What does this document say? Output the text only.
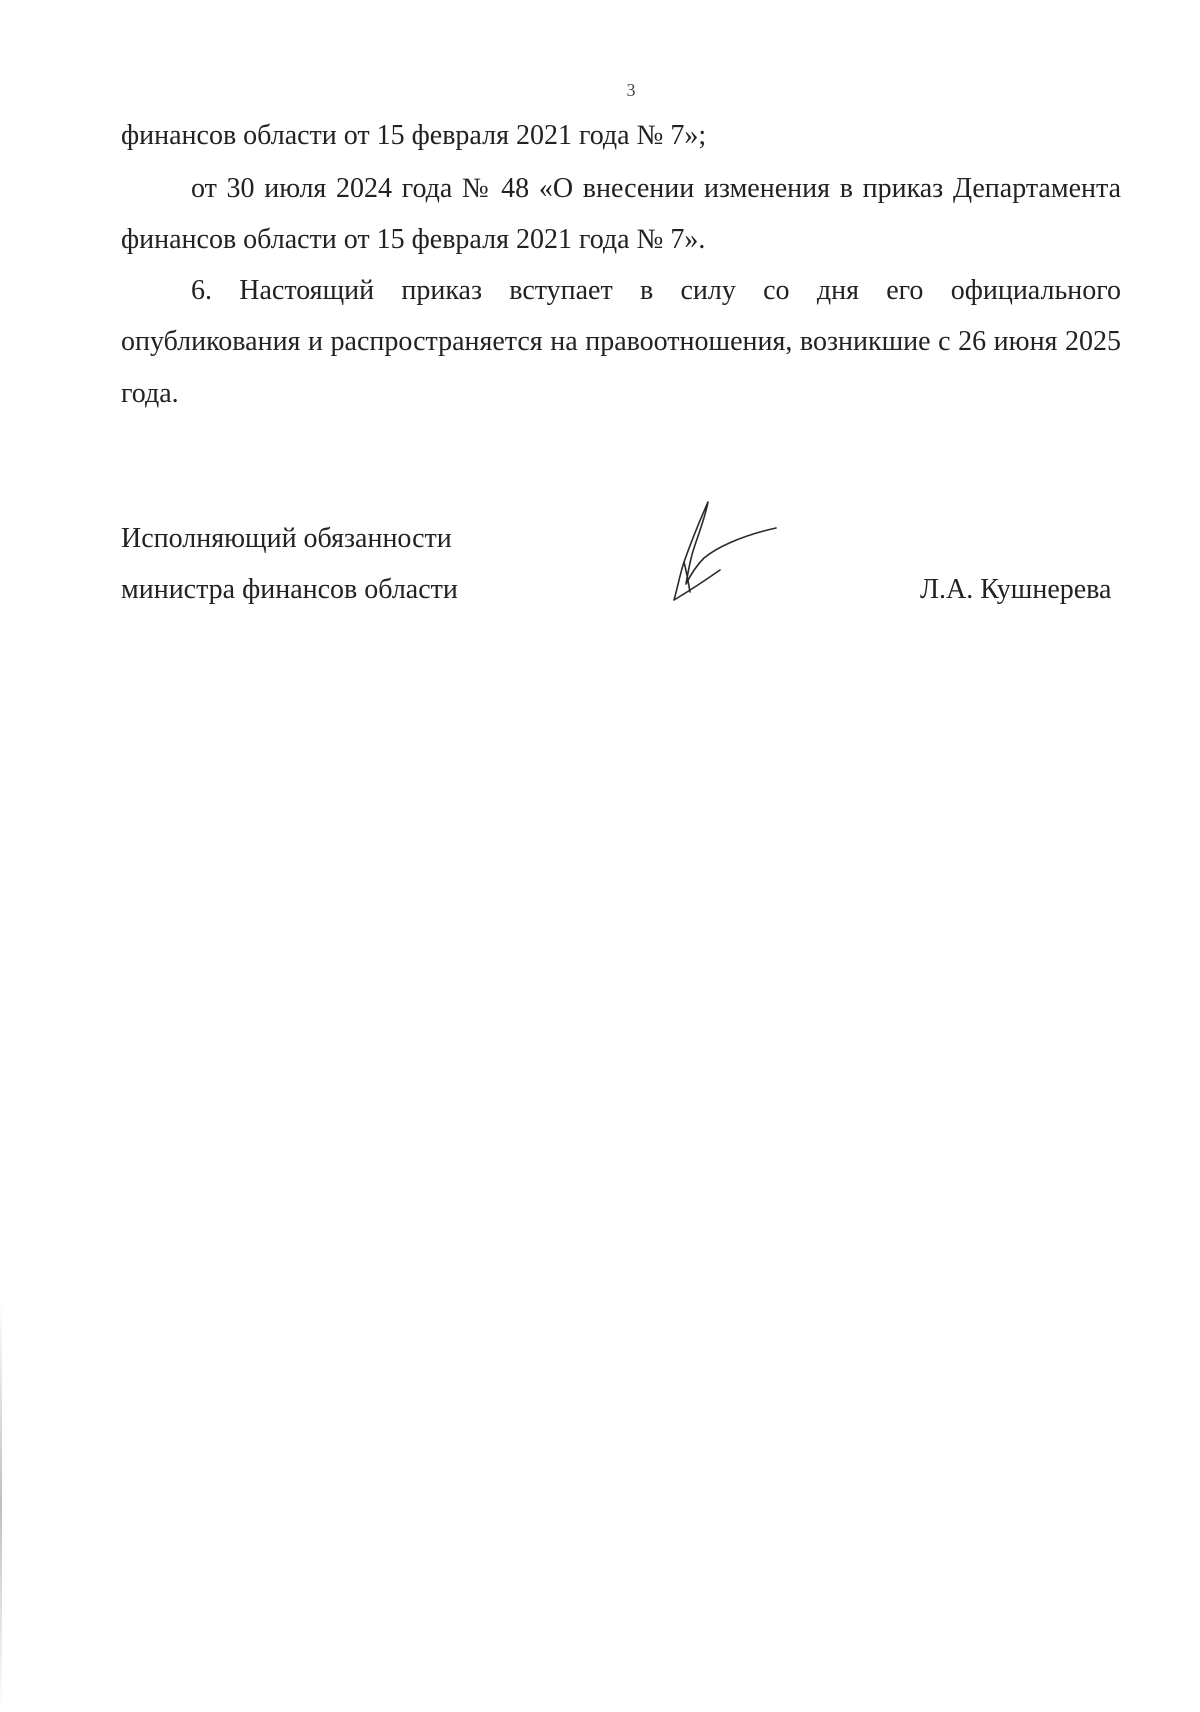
3
финансов области от 15 февраля 2021 года № 7»;
от 30 июля 2024 года № 48 «О внесении изменения в приказ Департамента
финансов области от 15 февраля 2021 года № 7».
6. Настоящий приказ вступает в силу со дня его официального
опубликования и распространяется на правоотношения, возникшие с 26 июня 2025
года.
Исполняющий обязанности
министра финансов области	Л.А. Кушнерева
